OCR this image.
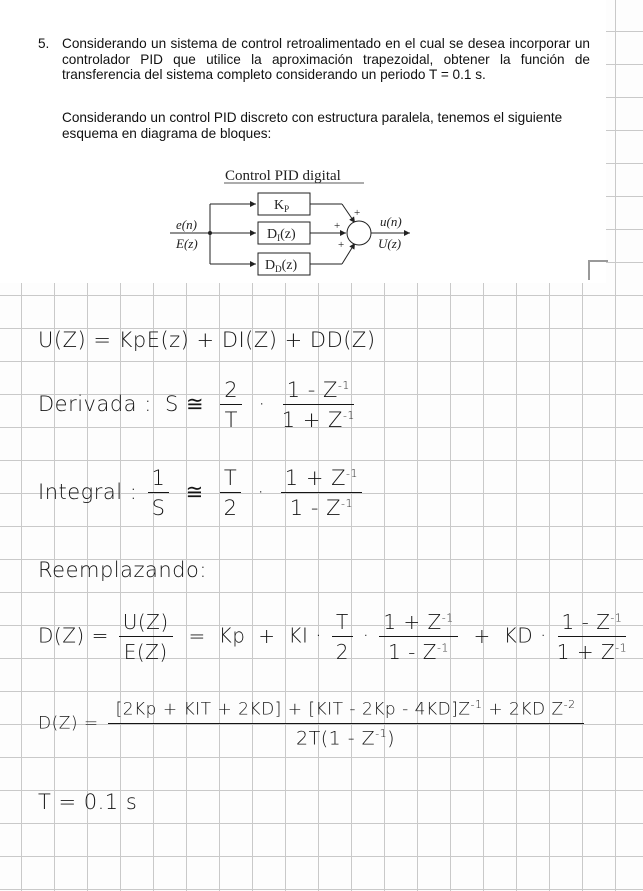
5. Considerando un sistema de control retroalimentado en el cual se desea incorporar un controlador PID que utilice la aproximación trapezoidal, obtener la función de transferencia del sistema completo considerando un periodo T = 0.1 s.
Considerando un control PID discreto con estructura paralela, tenemos el siguiente esquema en diagrama de bloques:
Control PID digital
e(n)
E(z)
$K_P$
$D_I(z)$
$D_D(z)$
+
+
+
u(n)
U(z)
U(Z) = KpE(z) + DI(Z) + DD(Z)
Derivada : S ≅ $\frac{2}{T} \cdot \frac{1 - Z^{-1}}{1 + Z^{-1}}$
Integral : $\frac{1}{S}$ ≅ $\frac{T}{2} \cdot \frac{1 + Z^{-1}}{1 - Z^{-1}}$
Reemplazando:
$D(Z) = \frac{U(Z)}{E(Z)} = Kp$ + KI · $\frac{T}{2} \cdot \frac{1 + Z^{-1}}{1 - Z^{-1}}$ + KD · $\frac{1 - Z^{-1}}{1 + Z^{-1}}$
$D(Z) = \frac{[2Kp + KIT + 2KD] + [KIT - 2Kp - 4KD]Z^{-1} + 2KD Z^{-2}}{2T(1 - Z^{-1})}$
T = 0.1 s
